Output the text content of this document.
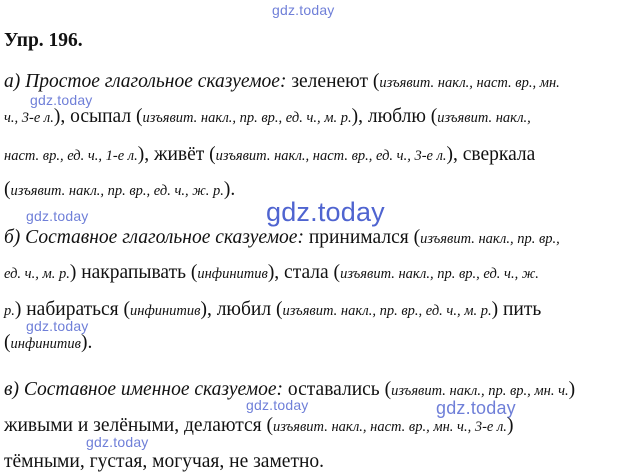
gdz.today
Упр. 196.
а) Простое глагольное сказуемое: зеленеют (изъявит. накл., наст. вр., мн.
gdz.today
ч., 3-е л.), осыпал (изъявит. накл., пр. вр., ед. ч., м. р.), люблю (изъявит. накл.,
наст. вр., ед. ч., 1-е л.), живёт (изъявит. накл., наст. вр., ед. ч., 3-е л.), сверкала
(изъявит. накл., пр. вр., ед. ч., ж. р.).
gdz.today	gdz.today
б) Составное глагольное сказуемое: принимался (изъявит. накл., пр. вр.,
ед. ч., м. р.) накрапывать (инфинитив), стала (изъявит. накл., пр. вр., ед. ч., ж.
р.) набираться (инфинитив), любил (изъявит. накл., пр. вр., ед. ч., м. р.) пить
gdz.today
(инфинитив).
в) Составное именное сказуемое: оставались (изъявит. накл., пр. вр., мн. ч.)
gdz.today	gdz.today
живыми и зелёными, делаются (изъявит. накл., наст. вр., мн. ч., 3-е л.)
gdz.today
тёмными, густая, могучая, не заметно.
